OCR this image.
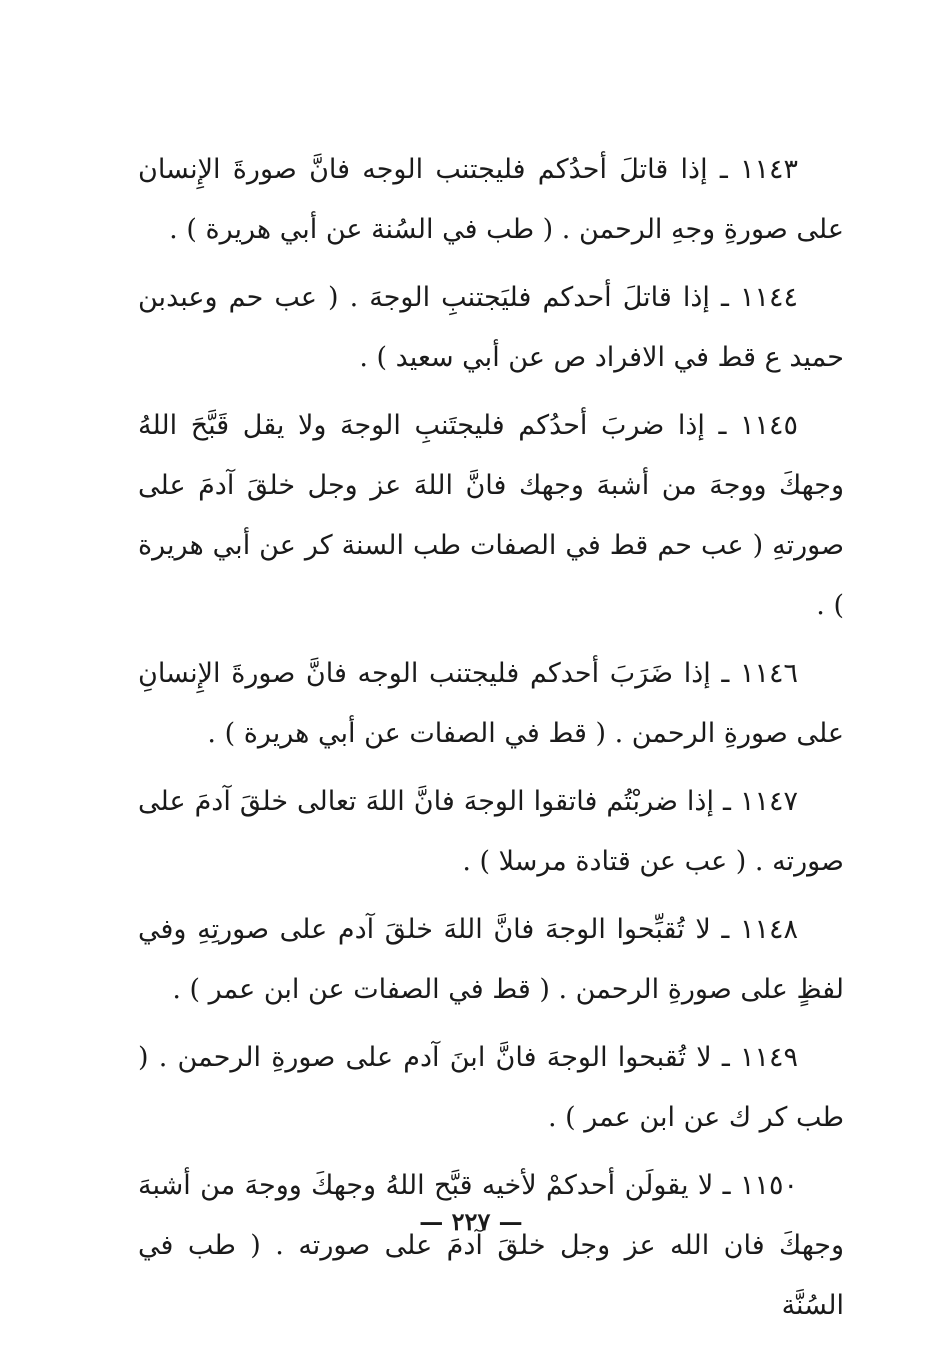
١١٤٣ ـ إذا قاتلَ أحدُكم فليجتنب الوجه فانَّ صورةَ الإِنسان على صورةِ وجهِ الرحمن . ( طب في السُنة عن أبي هريرة ) .

١١٤٤ ـ إذا قاتلَ أحدكم فليَجتنبِ الوجهَ . ( عب حم وعبدبن حميد ع قط في الافراد ص عن أبي سعيد ) .

١١٤٥ ـ إذا ضربَ أحدُكم فليجتَنبِ الوجهَ ولا يقل قَبَّحَ اللهُ وجهكَ ووجهَ من أشبهَ وجهك فانَّ اللهَ عز وجل خلقَ آدمَ على صورتهِ ( عب حم قط في الصفات طب السنة كر عن أبي هريرة ) .

١١٤٦ ـ إذا ضَرَبَ أحدكم فليجتنب الوجه فانَّ صورةَ الإِنسانِ على صورةِ الرحمن . ( قط في الصفات عن أبي هريرة ) .

١١٤٧ ـ إذا ضربْتُم فاتقوا الوجهَ فانَّ اللهَ تعالى خلقَ آدمَ على صورته . ( عب عن قتادة مرسلا ) .

١١٤٨ ـ لا تُقبِّحوا الوجهَ فانَّ اللهَ خلقَ آدم على صورتِهِ وفي لفظٍ على صورةِ الرحمن . ( قط في الصفات عن ابن عمر ) .

١١٤٩ ـ لا تُقبحوا الوجهَ فانَّ ابنَ آدم على صورةِ الرحمن . ( طب كر ك عن ابن عمر ) .

١١٥٠ ـ لا يقولَن أحدكمْ لأخيه قبَّح اللهُ وجهكَ ووجهَ من أشبهَ وجهكَ فان الله عز وجل خلقَ آدمَ على صورته . ( طب في السُنَّة

— ٢٢٧ —
